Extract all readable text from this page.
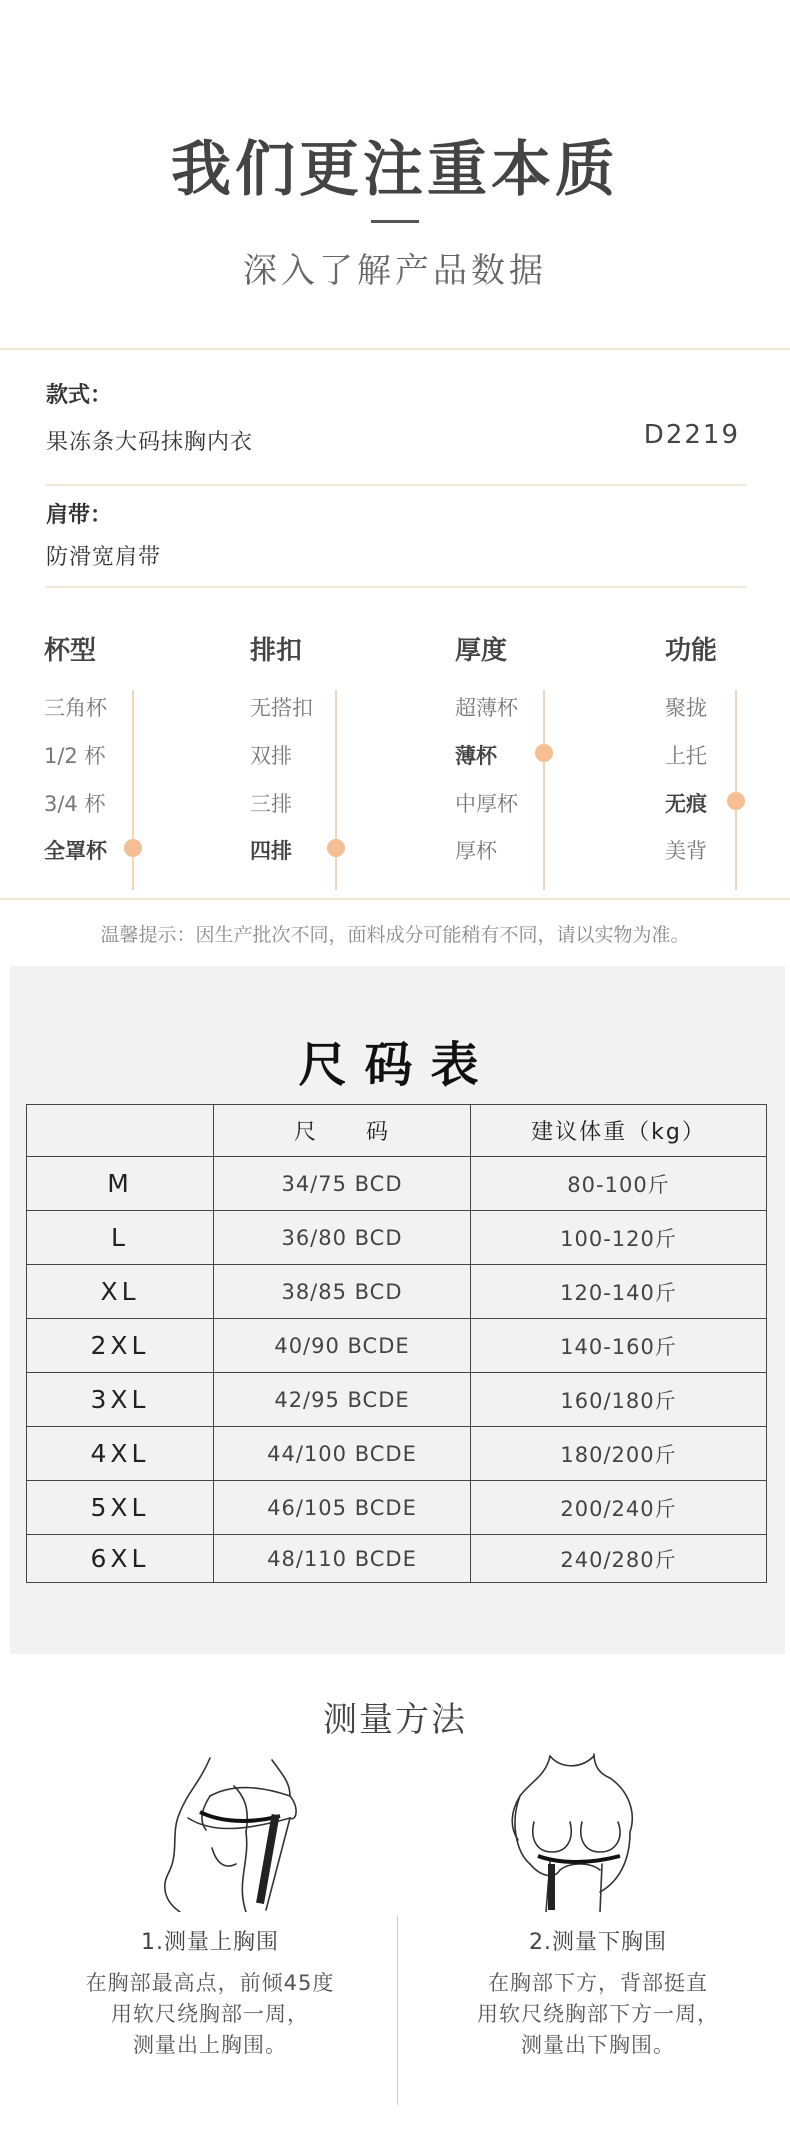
我们更注重本质
深入了解产品数据
款式：
果冻条大码抹胸内衣	D2219
肩带：
防滑宽肩带
杯型
三角杯
1/2 杯
3/4 杯
全罩杯
排扣
无搭扣
双排
三排
四排
厚度
超薄杯
薄杯
中厚杯
厚杯
功能
聚拢
上托
无痕
美背
温馨提示：因生产批次不同，面料成分可能稍有不同，请以实物为准。
尺码表
	尺　　码	建议体重（kg）
M	34/75 BCD	80-100斤
L	36/80 BCD	100-120斤
XL	38/85 BCD	120-140斤
2XL	40/90 BCDE	140-160斤
3XL	42/95 BCDE	160/180斤
4XL	44/100 BCDE	180/200斤
5XL	46/105 BCDE	200/240斤
6XL	48/110 BCDE	240/280斤
测量方法
1.测量上胸围
在胸部最高点，前倾45度
用软尺绕胸部一周，
测量出上胸围。
2.测量下胸围
在胸部下方，背部挺直
用软尺绕胸部下方一周，
测量出下胸围。
